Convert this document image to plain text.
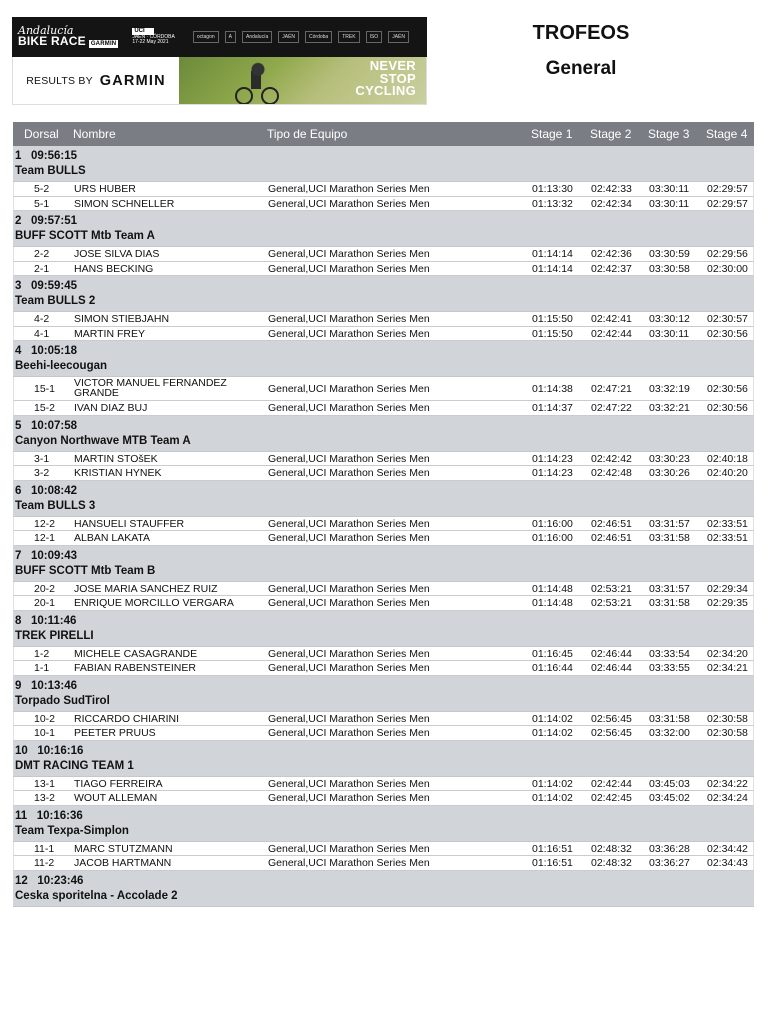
Andalucía
BIKE RACE GARMIN
UCI
JAÉN · CÓRDOBA
17-22 May 2021
octagon	A	Andalucía	JAÉN	Córdoba	TREK	ISO	JAÉN
RESULTS BY GARMIN
NEVER
STOP
CYCLING
TROFEOS
General
Dorsal Nombre	Tipo de Equipo	Stage 1 Stage 2 Stage 3 Stage 4
1 09:56:15
Team BULLS
5-2 URS HUBER	General,UCI Marathon Series Men	01:13:30 02:42:33 03:30:11 02:29:57
5-1 SIMON SCHNELLER	General,UCI Marathon Series Men	01:13:32 02:42:34 03:30:11 02:29:57
2 09:57:51
BUFF SCOTT Mtb Team A
2-2 JOSE SILVA DIAS	General,UCI Marathon Series Men	01:14:14 02:42:36 03:30:59 02:29:56
2-1 HANS BECKING	General,UCI Marathon Series Men	01:14:14 02:42:37 03:30:58 02:30:00
3 09:59:45
Team BULLS 2
4-2 SIMON STIEBJAHN	General,UCI Marathon Series Men	01:15:50 02:42:41 03:30:12 02:30:57
4-1 MARTIN FREY	General,UCI Marathon Series Men	01:15:50 02:42:44 03:30:11 02:30:56
4 10:05:18
Beehi-leecougan
15-1 VICTOR MANUEL FERNANDEZ GRANDE	General,UCI Marathon Series Men	01:14:38 02:47:21 03:32:19 02:30:56
15-2 IVAN DIAZ BUJ	General,UCI Marathon Series Men	01:14:37 02:47:22 03:32:21 02:30:56
5 10:07:58
Canyon Northwave MTB Team A
3-1 MARTIN STOšEK	General,UCI Marathon Series Men	01:14:23 02:42:42 03:30:23 02:40:18
3-2 KRISTIAN HYNEK	General,UCI Marathon Series Men	01:14:23 02:42:48 03:30:26 02:40:20
6 10:08:42
Team BULLS 3
12-2 HANSUELI STAUFFER	General,UCI Marathon Series Men	01:16:00 02:46:51 03:31:57 02:33:51
12-1 ALBAN LAKATA	General,UCI Marathon Series Men	01:16:00 02:46:51 03:31:58 02:33:51
7 10:09:43
BUFF SCOTT Mtb Team B
20-2 JOSE MARIA SANCHEZ RUIZ	General,UCI Marathon Series Men	01:14:48 02:53:21 03:31:57 02:29:34
20-1 ENRIQUE MORCILLO VERGARA	General,UCI Marathon Series Men	01:14:48 02:53:21 03:31:58 02:29:35
8 10:11:46
TREK PIRELLI
1-2 MICHELE CASAGRANDE	General,UCI Marathon Series Men	01:16:45 02:46:44 03:33:54 02:34:20
1-1 FABIAN RABENSTEINER	General,UCI Marathon Series Men	01:16:44 02:46:44 03:33:55 02:34:21
9 10:13:46
Torpado SudTirol
10-2 RICCARDO CHIARINI	General,UCI Marathon Series Men	01:14:02 02:56:45 03:31:58 02:30:58
10-1 PEETER PRUUS	General,UCI Marathon Series Men	01:14:02 02:56:45 03:32:00 02:30:58
10 10:16:16
DMT RACING TEAM 1
13-1 TIAGO FERREIRA	General,UCI Marathon Series Men	01:14:02 02:42:44 03:45:03 02:34:22
13-2 WOUT ALLEMAN	General,UCI Marathon Series Men	01:14:02 02:42:45 03:45:02 02:34:24
11 10:16:36
Team Texpa-Simplon
11-1 MARC STUTZMANN	General,UCI Marathon Series Men	01:16:51 02:48:32 03:36:28 02:34:42
11-2 JACOB HARTMANN	General,UCI Marathon Series Men	01:16:51 02:48:32 03:36:27 02:34:43
12 10:23:46
Ceska sporitelna - Accolade 2
